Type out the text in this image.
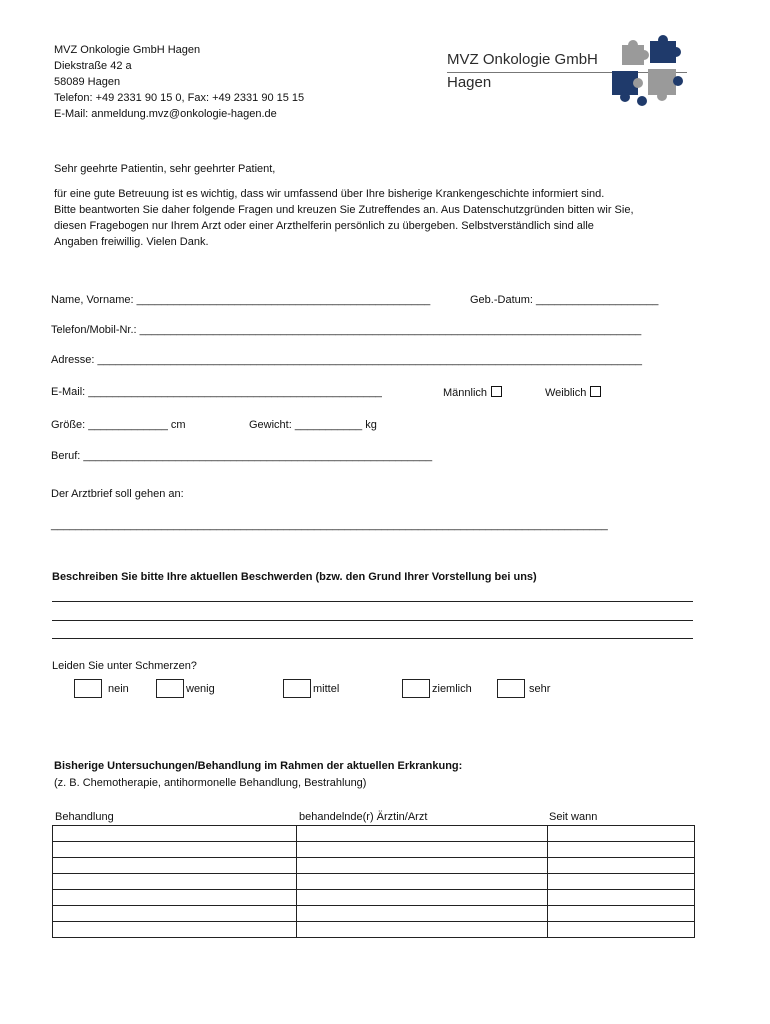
MVZ Onkologie GmbH Hagen
Diekstraße 42 a
58089 Hagen
Telefon: +49 2331 90 15 0, Fax: +49 2331 90 15 15
E-Mail: anmeldung.mvz@onkologie-hagen.de
MVZ Onkologie GmbH
Hagen
Sehr geehrte Patientin, sehr geehrter Patient,
für eine gute Betreuung ist es wichtig, dass wir umfassend über Ihre bisherige Krankengeschichte informiert sind.
Bitte beantworten Sie daher folgende Fragen und kreuzen Sie Zutreffendes an. Aus Datenschutzgründen bitten wir Sie,
diesen Fragebogen nur Ihrem Arzt oder einer Arzthelferin persönlich zu übergeben. Selbstverständlich sind alle
Angaben freiwillig. Vielen Dank.
Name, Vorname: ________________________________________________	Geb.-Datum: ____________________
Telefon/Mobil-Nr.: __________________________________________________________________________________
Adresse: _________________________________________________________________________________________
E-Mail: ________________________________________________	Männlich	Weiblich
Größe: _____________ cm	Gewicht: ___________ kg
Beruf: _________________________________________________________
Der Arztbrief soll gehen an:
___________________________________________________________________________________________
Beschreiben Sie bitte Ihre aktuellen Beschwerden (bzw. den Grund Ihrer Vorstellung bei uns)
Leiden Sie unter Schmerzen?
nein	wenig	mittel	ziemlich	sehr
Bisherige Untersuchungen/Behandlung im Rahmen der aktuellen Erkrankung:
(z. B. Chemotherapie, antihormonelle Behandlung, Bestrahlung)
Behandlung	behandelnde(r) Ärztin/Arzt	Seit wann
